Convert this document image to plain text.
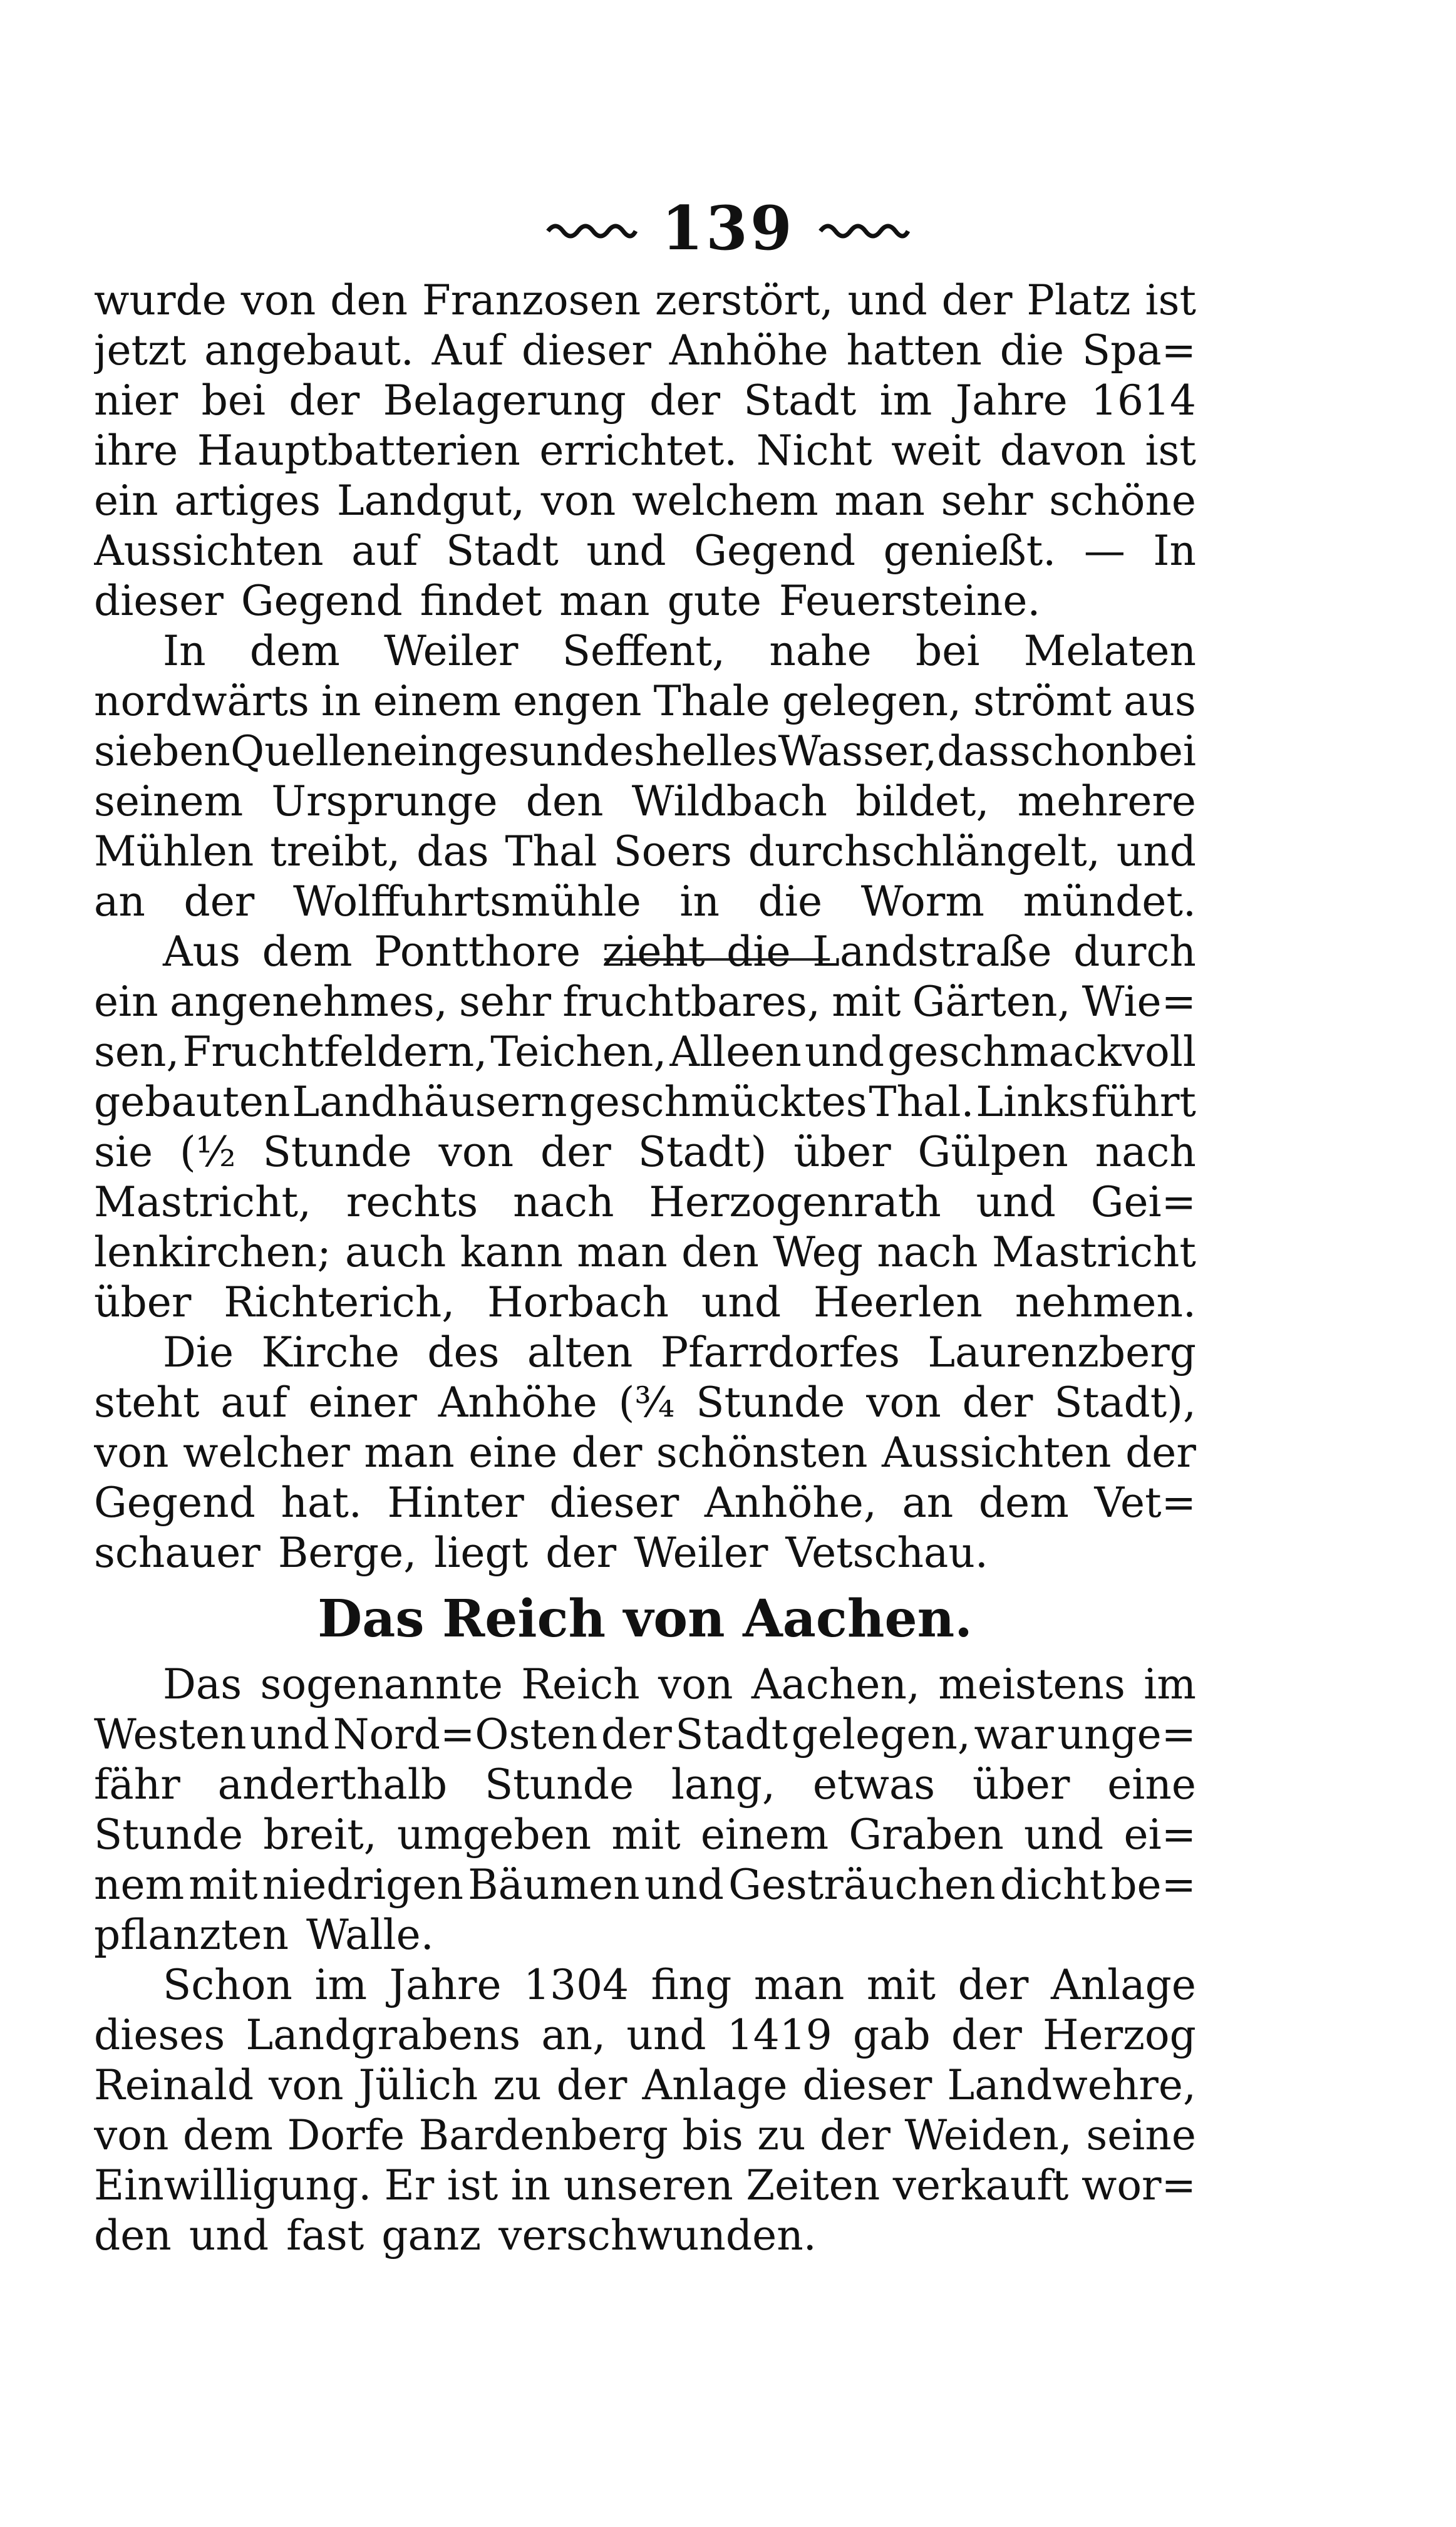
139
wurde von den Franzosen zerstört, und der Platz ist
jetzt angebaut. Auf dieser Anhöhe hatten die Spa=
nier bei der Belagerung der Stadt im Jahre 1614
ihre Hauptbatterien errichtet. Nicht weit davon ist
ein artiges Landgut, von welchem man sehr schöne
Aussichten auf Stadt und Gegend genießt. — In
dieser Gegend findet man gute Feuersteine.
In dem Weiler Seffent, nahe bei Melaten
nordwärts in einem engen Thale gelegen, strömt aus
sieben Quellen ein gesundes helles Wasser, das schon bei
seinem Ursprunge den Wildbach bildet, mehrere
Mühlen treibt, das Thal Soers durchschlängelt, und
an der Wolffuhrtsmühle in die Worm mündet.
Aus dem Pontthore zieht die Landstraße durch
ein angenehmes, sehr fruchtbares, mit Gärten, Wie=
sen, Fruchtfeldern, Teichen, Alleen und geschmackvoll
gebauten Landhäusern geschmücktes Thal. Links führt
sie (½ Stunde von der Stadt) über Gülpen nach
Mastricht, rechts nach Herzogenrath und Gei=
lenkirchen; auch kann man den Weg nach Mastricht
über Richterich, Horbach und Heerlen nehmen.
Die Kirche des alten Pfarrdorfes Laurenzberg
steht auf einer Anhöhe (¾ Stunde von der Stadt),
von welcher man eine der schönsten Aussichten der
Gegend hat. Hinter dieser Anhöhe, an dem Vet=
schauer Berge, liegt der Weiler Vetschau.
Das Reich von Aachen.
Das sogenannte Reich von Aachen, meistens im
Westen und Nord=Osten der Stadt gelegen, war unge=
fähr anderthalb Stunde lang, etwas über eine
Stunde breit, umgeben mit einem Graben und ei=
nem mit niedrigen Bäumen und Gesträuchen dicht be=
pflanzten Walle.
Schon im Jahre 1304 fing man mit der Anlage
dieses Landgrabens an, und 1419 gab der Herzog
Reinald von Jülich zu der Anlage dieser Landwehre,
von dem Dorfe Bardenberg bis zu der Weiden, seine
Einwilligung. Er ist in unseren Zeiten verkauft wor=
den und fast ganz verschwunden.
